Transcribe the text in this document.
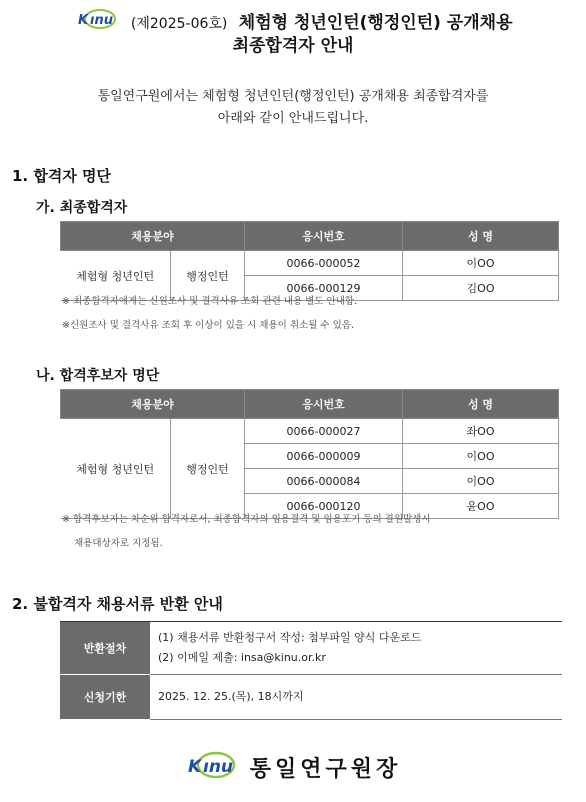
K ınu (제2025-06호) 체험형 청년인턴(행정인턴) 공개채용
최종합격자 안내
통일연구원에서는 체험형 청년인턴(행정인턴) 공개채용 최종합격자를
아래와 같이 안내드립니다.
1. 합격자 명단
가. 최종합격자
채용분야		응시번호	성 명
체험형 청년인턴	행정인턴	0066-000052	이OO
		0066-000129	김OO
※ 최종합격자에게는 신원조사 및 결격사유 조회 관련 내용 별도 안내함.
※신원조사 및 결격사유 조회 후 이상이 있을 시 채용이 취소될 수 있음.
나. 합격후보자 명단
채용분야		응시번호	성 명
체험형 청년인턴	행정인턴	0066-000027	좌OO
		0066-000009	이OO
		0066-000084	이OO
		0066-000120	윤OO
※ 합격후보자는 차순위 합격자로서, 최종합격자의 임용결격 및 임용포기 등의 결원발생시
채용대상자로 지정됨.
2. 불합격자 채용서류 반환 안내
반환절차	(1) 채용서류 반환청구서 작성: 첨부파일 양식 다운로드
(2) 이메일 제출: insa@kinu.or.kr

신청기한	2025. 12. 25.(목), 18시까지
K ınu 통일연구원장
